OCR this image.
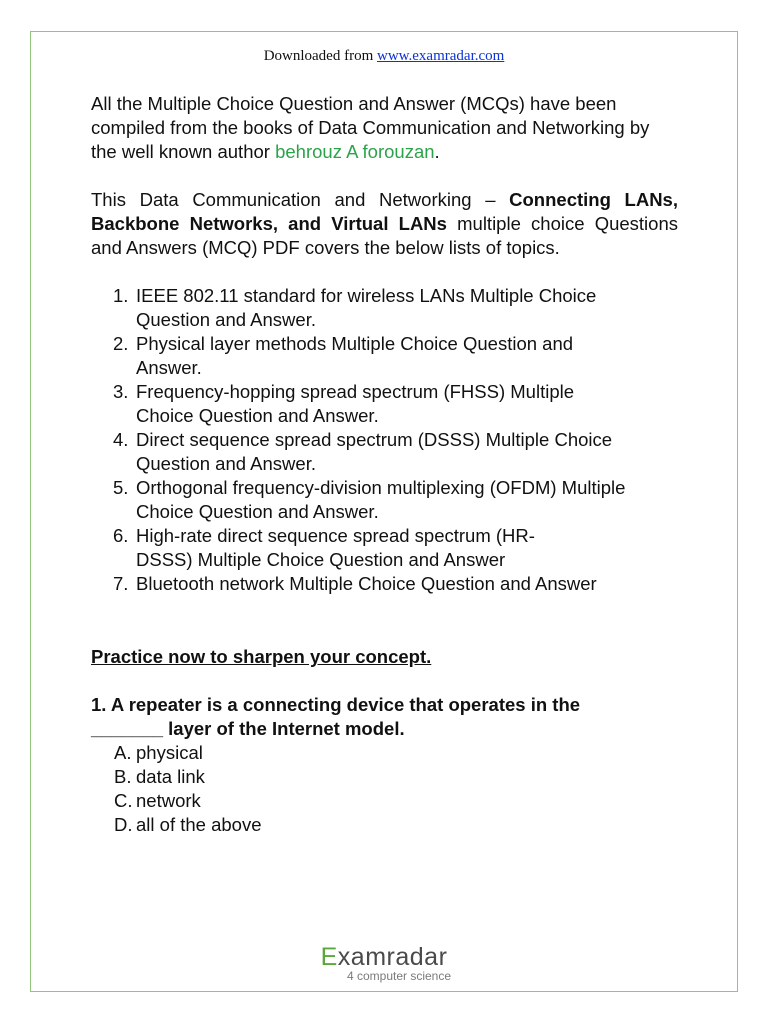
Downloaded from www.examradar.com

All the Multiple Choice Question and Answer (MCQs) have been compiled from the books of Data Communication and Networking by the well known author behrouz A forouzan.

This Data Communication and Networking – Connecting LANs, Backbone Networks, and Virtual LANs multiple choice Questions and Answers (MCQ) PDF covers the below lists of topics.

1. IEEE 802.11 standard for wireless LANs Multiple Choice
Question and Answer.
2. Physical layer methods Multiple Choice Question and
Answer.
3. Frequency-hopping spread spectrum (FHSS) Multiple
Choice Question and Answer.
4. Direct sequence spread spectrum (DSSS) Multiple Choice
Question and Answer.
5. Orthogonal frequency-division multiplexing (OFDM) Multiple
Choice Question and Answer.
6. High-rate direct sequence spread spectrum (HR-
DSSS) Multiple Choice Question and Answer
7. Bluetooth network Multiple Choice Question and Answer

Practice now to sharpen your concept.

1. A repeater is a connecting device that operates in the
_______ layer of the Internet model.

A. physical
B. data link
C. network
D. all of the above
Examradar
4 computer science
